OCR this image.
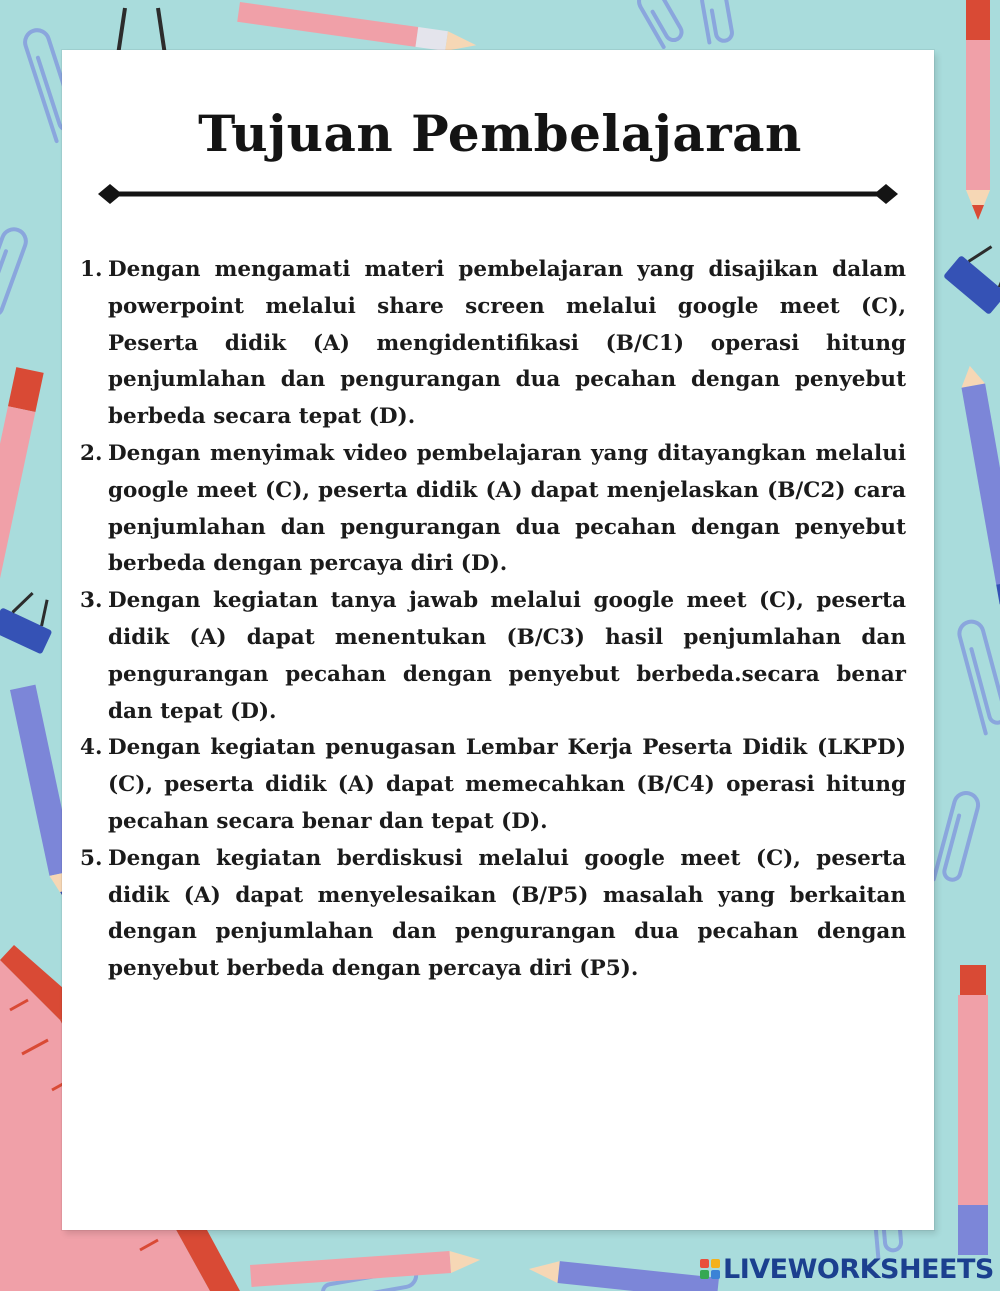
Tujuan Pembelajaran
1. Dengan mengamati materi pembelajaran yang disajikan dalam powerpoint melalui share screen melalui google meet (C), Peserta didik (A) mengidentifikasi (B/C1) operasi hitung penjumlahan dan pengurangan dua pecahan dengan penyebut berbeda secara tepat (D).
2. Dengan menyimak video pembelajaran yang ditayangkan melalui google meet (C), peserta didik (A) dapat menjelaskan (B/C2) cara penjumlahan dan pengurangan dua pecahan dengan penyebut berbeda dengan percaya diri (D).
3. Dengan kegiatan tanya jawab melalui google meet (C), peserta didik (A) dapat menentukan (B/C3) hasil penjumlahan dan pengurangan pecahan dengan penyebut berbeda.secara benar dan tepat (D).
4. Dengan kegiatan penugasan Lembar Kerja Peserta Didik (LKPD) (C), peserta didik (A) dapat memecahkan (B/C4) operasi hitung pecahan secara benar dan tepat (D).
5. Dengan kegiatan berdiskusi melalui google meet (C), peserta didik (A) dapat menyelesaikan (B/P5) masalah yang berkaitan dengan penjumlahan dan pengurangan dua pecahan dengan penyebut berbeda dengan percaya diri (P5).
LIVEWORKSHEETS
